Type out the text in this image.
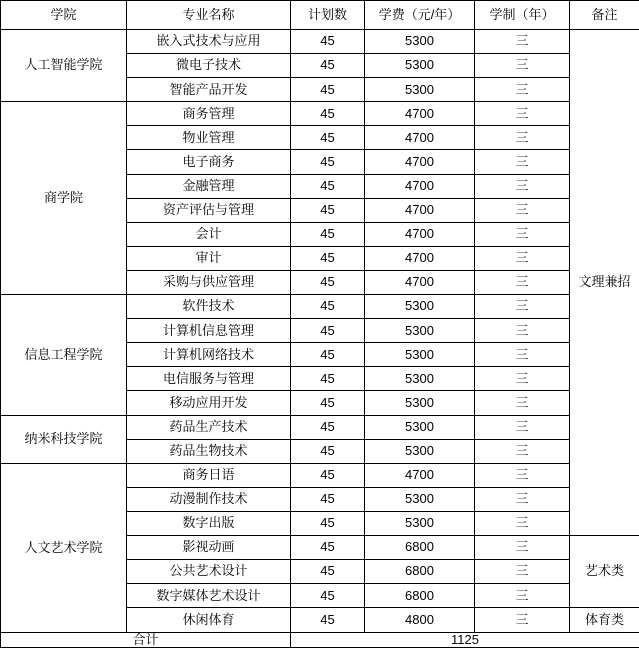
学院	专业名称	计划数	学费（元/年）	学制（年）	备注
人工智能学院	嵌入式技术与应用	45	5300	三	文理兼招
	微电子技术	45	5300	三	
	智能产品开发	45	5300	三	
商学院	商务管理	45	4700	三	
	物业管理	45	4700	三	
	电子商务	45	4700	三	
	金融管理	45	4700	三	
	资产评估与管理	45	4700	三	
	会计	45	4700	三	
	审计	45	4700	三	
	采购与供应管理	45	4700	三	
信息工程学院	软件技术	45	5300	三	
	计算机信息管理	45	5300	三	
	计算机网络技术	45	5300	三	
	电信服务与管理	45	5300	三	
	移动应用开发	45	5300	三	
纳米科技学院	药品生产技术	45	5300	三	
	药品生物技术	45	5300	三	
人文艺术学院	商务日语	45	4700	三	
	动漫制作技术	45	5300	三	
	数字出版	45	5300	三	
	影视动画	45	6800	三	艺术类
	公共艺术设计	45	6800	三	
	数字媒体艺术设计	45	6800	三	
	休闲体育	45	4800	三	体育类
合计		1125			
